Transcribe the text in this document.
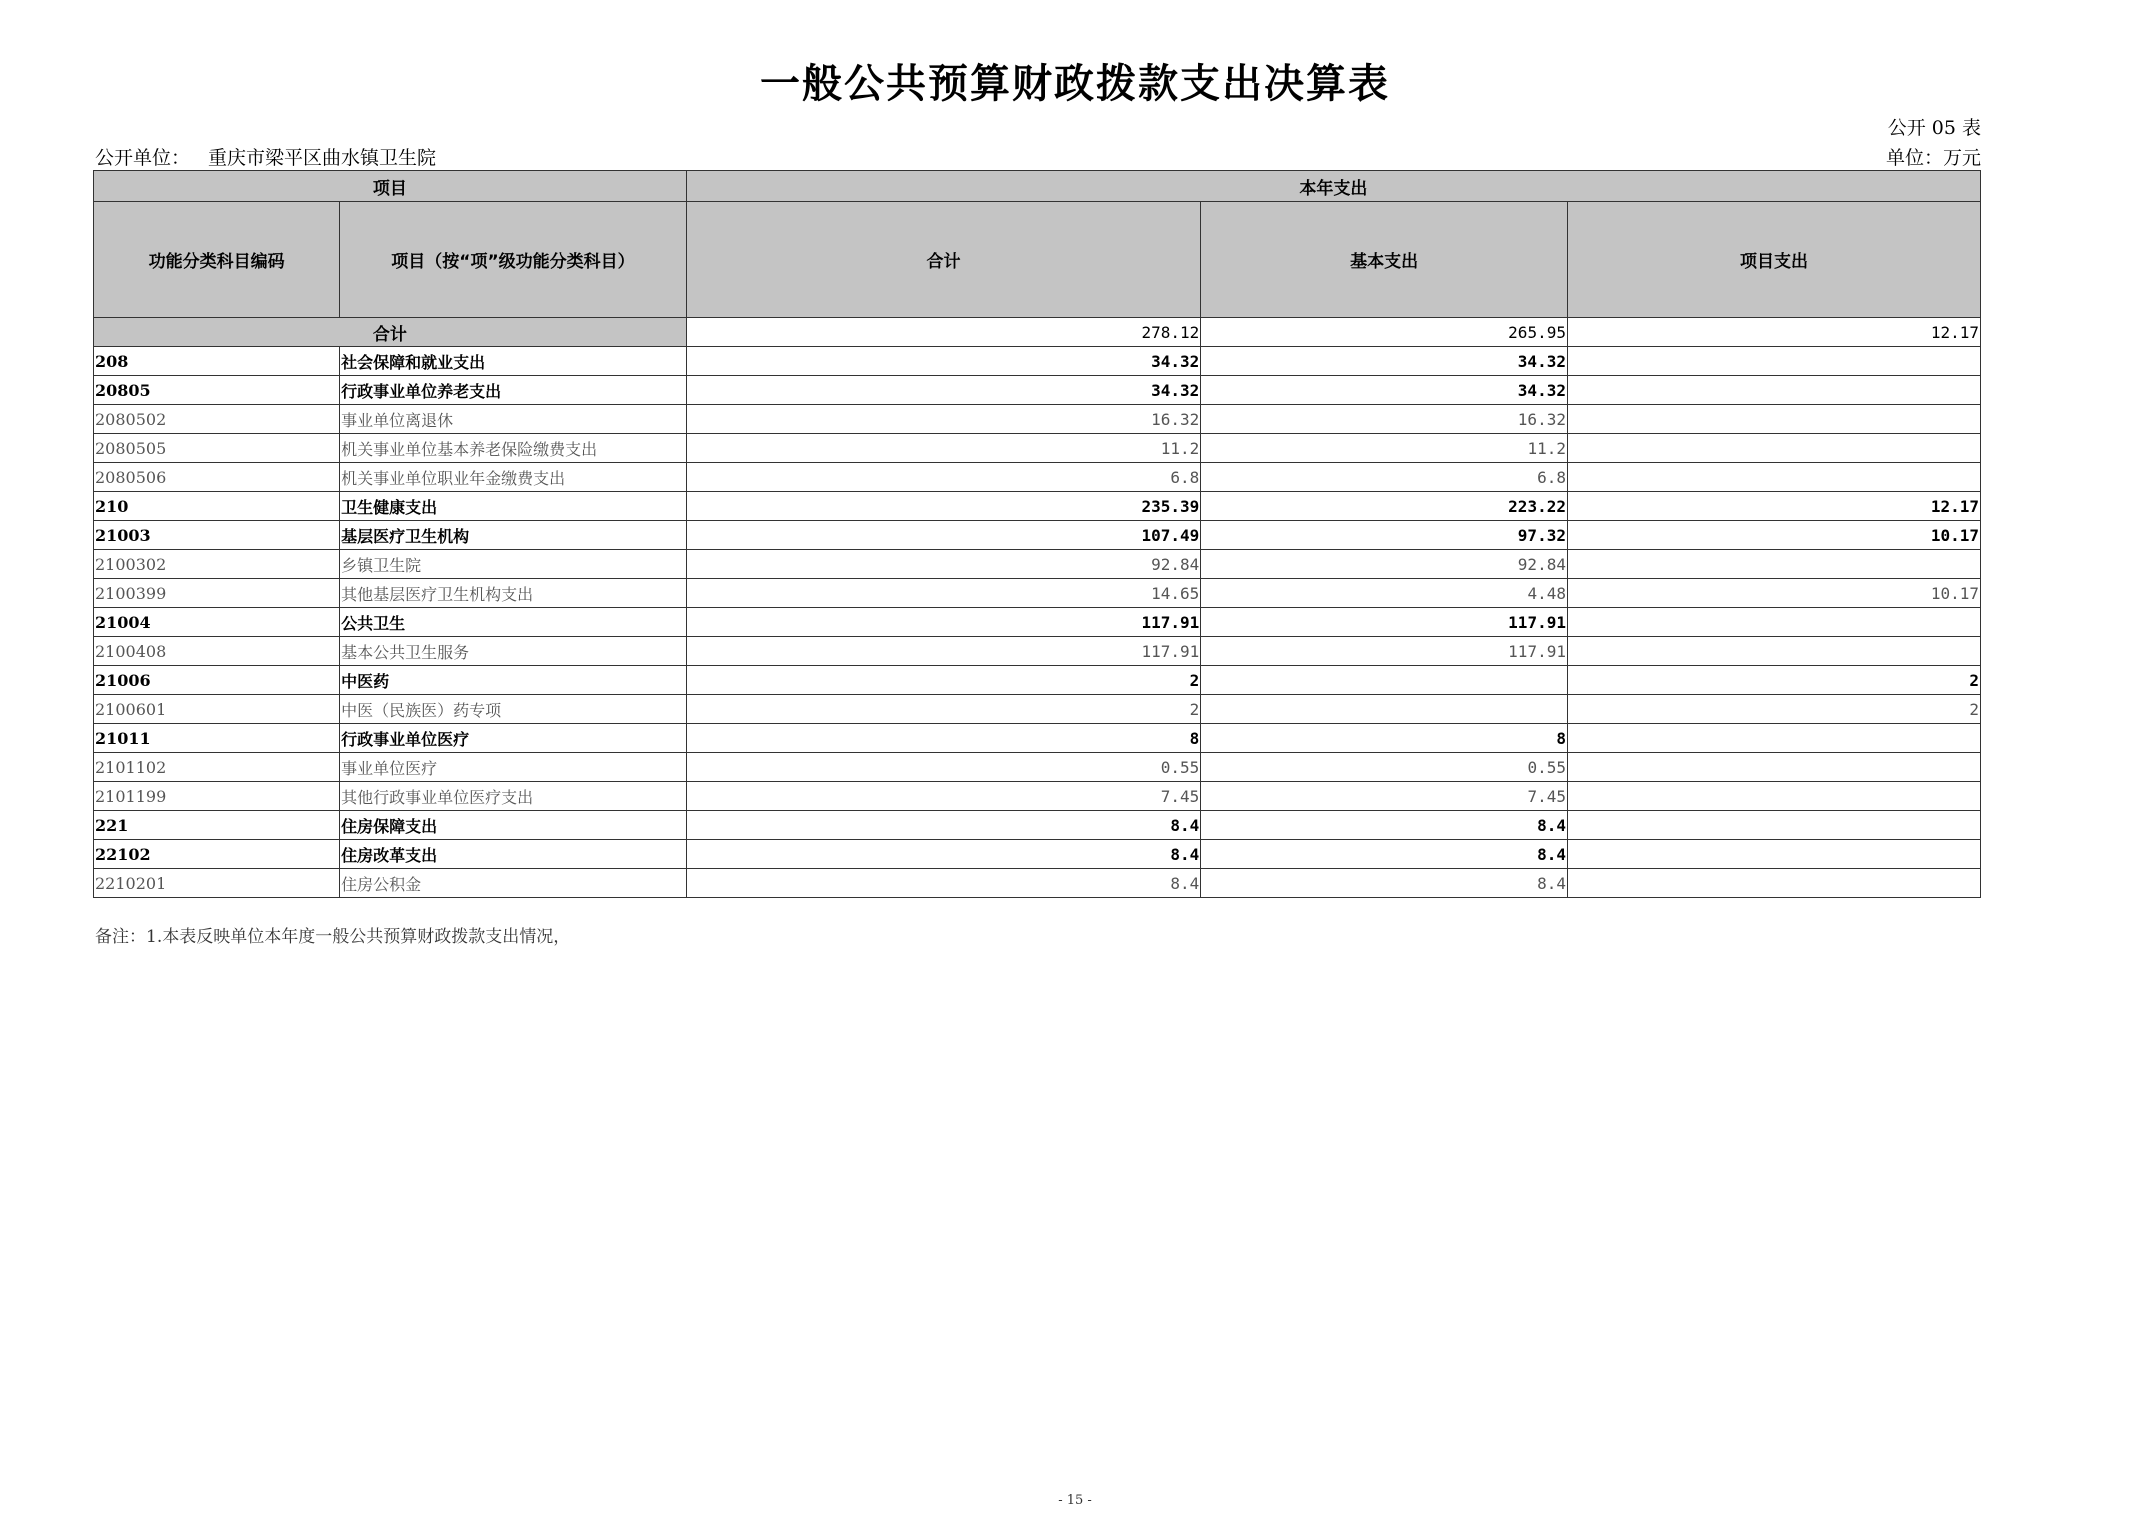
一般公共预算财政拨款支出决算表
公开 05 表
公开单位： 重庆市梁平区曲水镇卫生院	单位：万元
项目		本年支出		
功能分类科目编码	项目（按“项”级功能分类科目）	合计	基本支出	项目支出
合计		278.12	265.95	12.17
208	社会保障和就业支出	34.32	34.32	
20805	行政事业单位养老支出	34.32	34.32	
2080502	事业单位离退休	16.32	16.32	
2080505	机关事业单位基本养老保险缴费支出	11.2	11.2	
2080506	机关事业单位职业年金缴费支出	6.8	6.8	
210	卫生健康支出	235.39	223.22	12.17
21003	基层医疗卫生机构	107.49	97.32	10.17
2100302	乡镇卫生院	92.84	92.84	
2100399	其他基层医疗卫生机构支出	14.65	4.48	10.17
21004	公共卫生	117.91	117.91	
2100408	基本公共卫生服务	117.91	117.91	
21006	中医药	2		2
2100601	中医（民族医）药专项	2		2
21011	行政事业单位医疗	8	8	
2101102	事业单位医疗	0.55	0.55	
2101199	其他行政事业单位医疗支出	7.45	7.45	
221	住房保障支出	8.4	8.4	
22102	住房改革支出	8.4	8.4	
2210201	住房公积金	8.4	8.4	
备注：1.本表反映单位本年度一般公共预算财政拨款支出情况，
- 15 -
